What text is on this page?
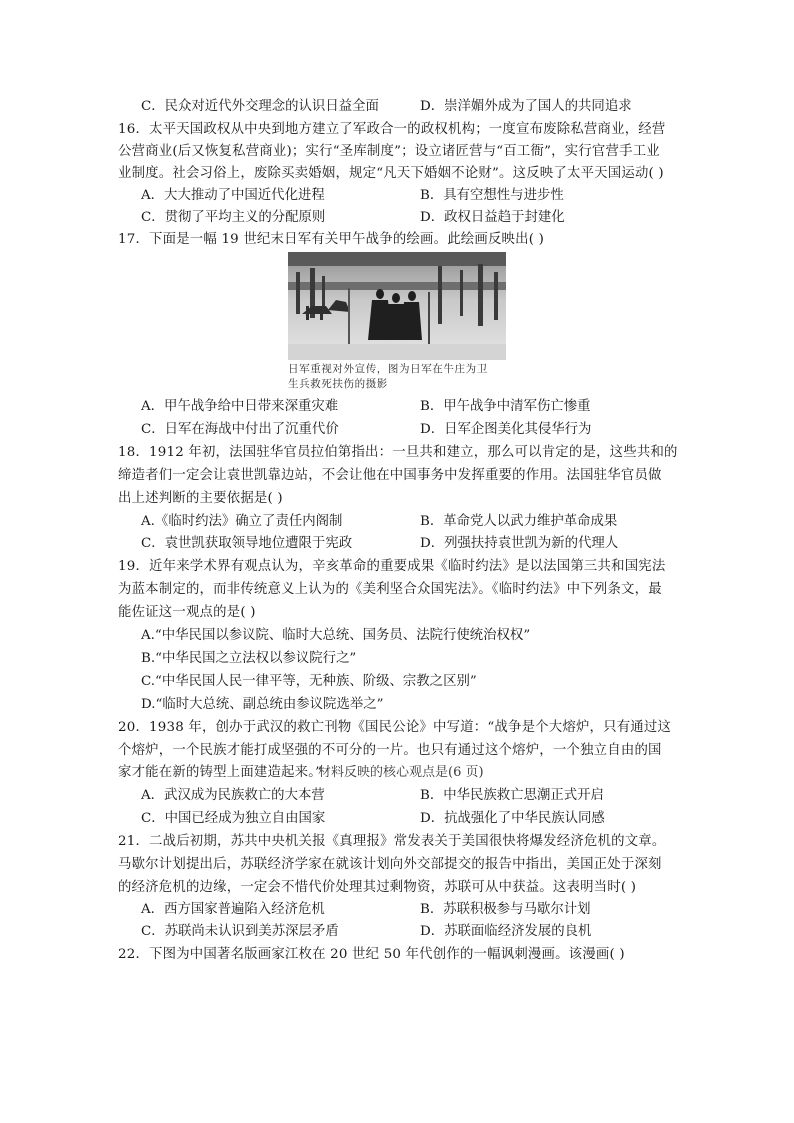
C．民众对近代外交理念的认识日益全面	D．崇洋媚外成为了国人的共同追求
16．太平天国政权从中央到地方建立了军政合一的政权机构；一度宣布废除私营商业，经营
公营商业(后又恢复私营商业)；实行“圣库制度”；设立诸匠营与“百工衙”，实行官营手工业
业制度。社会习俗上，废除买卖婚姻，规定“凡天下婚姻不论财”。这反映了太平天国运动( )
A．大大推动了中国近代化进程	B．具有空想性与进步性
C．贯彻了平均主义的分配原则	D．政权日益趋于封建化
17．下面是一幅 19 世纪末日军有关甲午战争的绘画。此绘画反映出( )
日军重视对外宣传，图为日军在牛庄为卫
生兵救死扶伤的摄影
A．甲午战争给中日带来深重灾难	B．甲午战争中清军伤亡惨重
C．日军在海战中付出了沉重代价	D．日军企图美化其侵华行为
18．1912 年初，法国驻华官员拉伯第指出：一旦共和建立，那么可以肯定的是，这些共和的
缔造者们一定会让袁世凯靠边站，不会让他在中国事务中发挥重要的作用。法国驻华官员做
出上述判断的主要依据是( )
A.《临时约法》确立了责任内阁制	B．革命党人以武力维护革命成果
C．袁世凯获取领导地位遭限于宪政	D．列强扶持袁世凯为新的代理人
19．近年来学术界有观点认为，辛亥革命的重要成果《临时约法》是以法国第三共和国宪法
为蓝本制定的，而非传统意义上认为的《美利坚合众国宪法》。《临时约法》中下列条文，最
能佐证这一观点的是( )
A.“中华民国以参议院、临时大总统、国务员、法院行使统治权权”
B.“中华民国之立法权以参议院行之”
C.“中华民国人民一律平等，无种族、阶级、宗教之区别”
D.“临时大总统、副总统由参议院选举之”
20．1938 年，创办于武汉的救亡刊物《国民公论》中写道：“战争是个大熔炉，只有通过这
个熔炉，一个民族才能打成坚强的不可分的一片。也只有通过这个熔炉，一个独立自由的国
家才能在新的铸型上面建造起来。”
材料反映的核心观点是(6 页)
A．武汉成为民族救亡的大本营	B．中华民族救亡思潮正式开启
C．中国已经成为独立自由国家	D．抗战强化了中华民族认同感
21．二战后初期，苏共中央机关报《真理报》常发表关于美国很快将爆发经济危机的文章。
马歇尔计划提出后，苏联经济学家在就该计划向外交部提交的报告中指出，美国正处于深刻
的经济危机的边缘，一定会不惜代价处理其过剩物资，苏联可从中获益。这表明当时( )
A．西方国家普遍陷入经济危机	B．苏联积极参与马歇尔计划
C．苏联尚未认识到美苏深层矛盾	D．苏联面临经济发展的良机
22．下图为中国著名版画家江枚在 20 世纪 50 年代创作的一幅讽刺漫画。该漫画( )
